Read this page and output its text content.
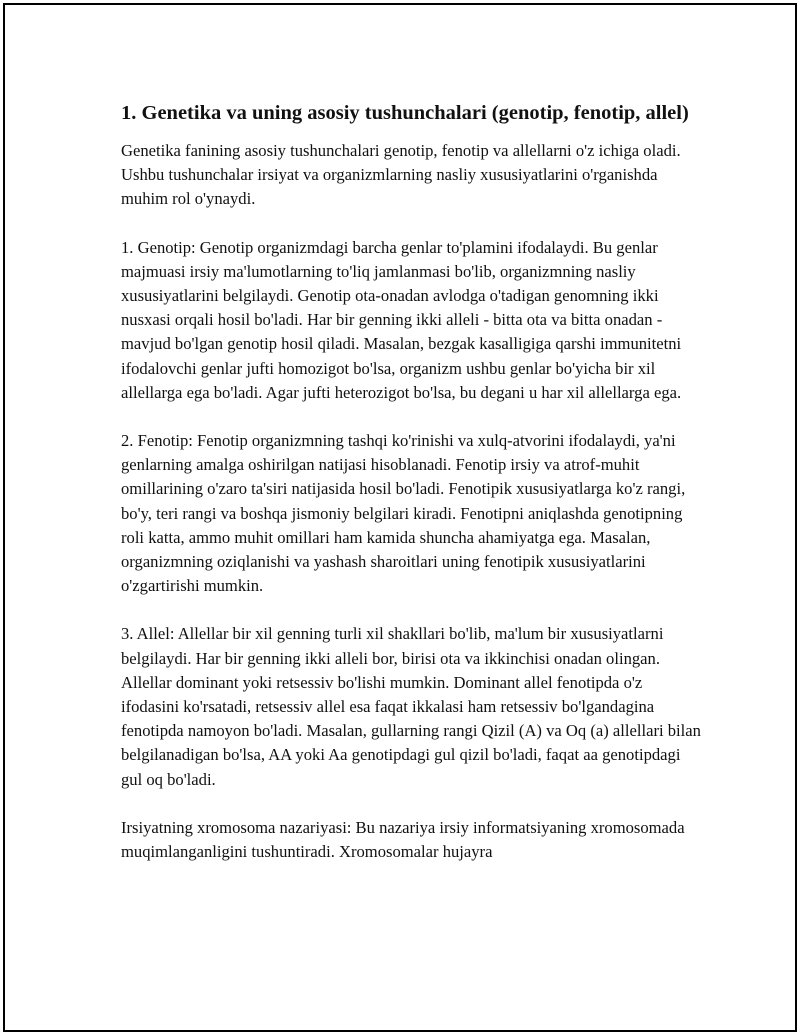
1. Genetika va uning asosiy tushunchalari (genotip, fenotip, allel)

Genetika fanining asosiy tushunchalari genotip, fenotip va allellarni o'z ichiga oladi. Ushbu tushunchalar irsiyat va organizmlarning nasliy xususiyatlarini o'rganishda muhim rol o'ynaydi.

1. Genotip: Genotip organizmdagi barcha genlar to'plamini ifodalaydi. Bu genlar majmuasi irsiy ma'lumotlarning to'liq jamlanmasi bo'lib, organizmning nasliy xususiyatlarini belgilaydi. Genotip ota-onadan avlodga o'tadigan genomning ikki nusxasi orqali hosil bo'ladi. Har bir genning ikki alleli - bitta ota va bitta onadan - mavjud bo'lgan genotip hosil qiladi. Masalan, bezgak kasalligiga qarshi immunitetni ifodalovchi genlar jufti homozigot bo'lsa, organizm ushbu genlar bo'yicha bir xil allellarga ega bo'ladi. Agar jufti heterozigot bo'lsa, bu degani u har xil allellarga ega.

2. Fenotip: Fenotip organizmning tashqi ko'rinishi va xulq-atvorini ifodalaydi, ya'ni genlarning amalga oshirilgan natijasi hisoblanadi. Fenotip irsiy va atrof-muhit omillarining o'zaro ta'siri natijasida hosil bo'ladi. Fenotipik xususiyatlarga ko'z rangi, bo'y, teri rangi va boshqa jismoniy belgilari kiradi. Fenotipni aniqlashda genotipning roli katta, ammo muhit omillari ham kamida shuncha ahamiyatga ega. Masalan, organizmning oziqlanishi va yashash sharoitlari uning fenotipik xususiyatlarini o'zgartirishi mumkin.

3. Allel: Allellar bir xil genning turli xil shakllari bo'lib, ma'lum bir xususiyatlarni belgilaydi. Har bir genning ikki alleli bor, birisi ota va ikkinchisi onadan olingan. Allellar dominant yoki retsessiv bo'lishi mumkin. Dominant allel fenotipda o'z ifodasini ko'rsatadi, retsessiv allel esa faqat ikkalasi ham retsessiv bo'lgandagina fenotipda namoyon bo'ladi. Masalan, gullarning rangi Qizil (A) va Oq (a) allellari bilan belgilanadigan bo'lsa, AA yoki Aa genotipdagi gul qizil bo'ladi, faqat aa genotipdagi gul oq bo'ladi.

Irsiyatning xromosoma nazariyasi: Bu nazariya irsiy informatsiyaning xromosomada muqimlanganligini tushuntiradi. Xromosomalar hujayra
